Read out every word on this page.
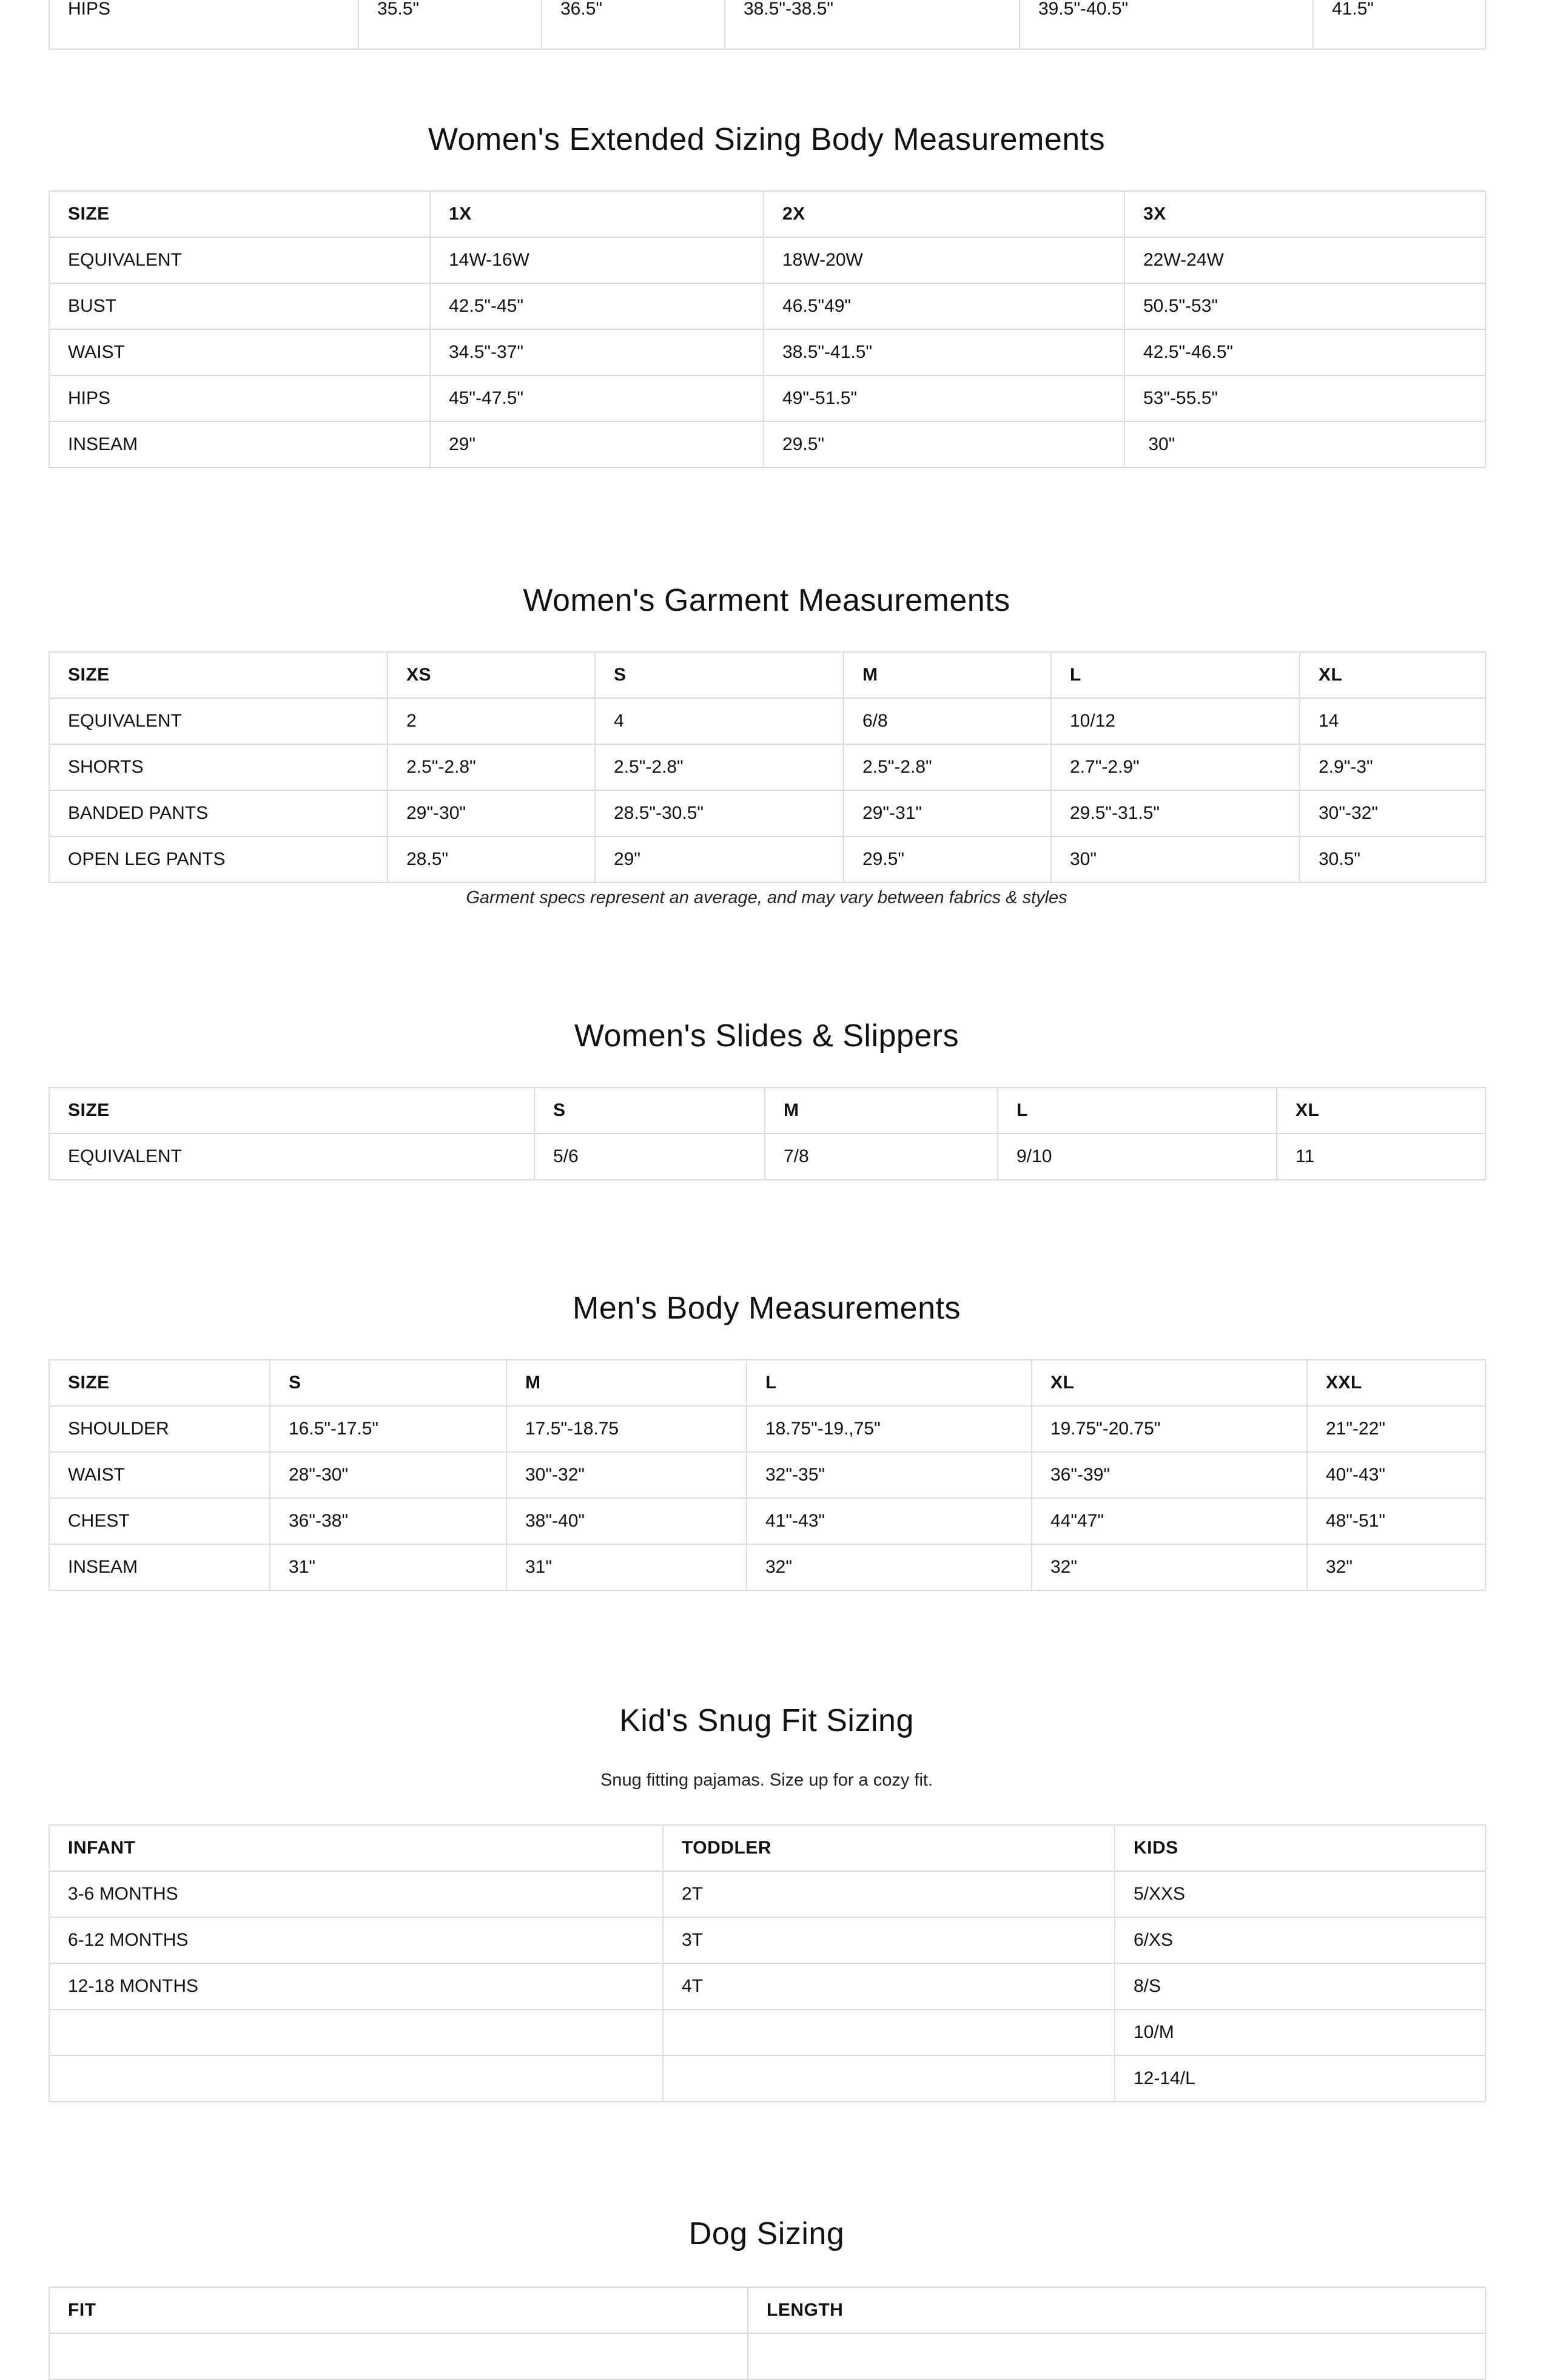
HIPS	35.5"	36.5"	38.5"-38.5"	39.5"-40.5"	41.5"
Women's Extended Sizing Body Measurements
SIZE	1X	2X	3X
EQUIVALENT	14W-16W	18W-20W	22W-24W
BUST	42.5"-45"	46.5"49"	50.5"-53"
WAIST	34.5"-37"	38.5"-41.5"	42.5"-46.5"
HIPS	45"-47.5"	49"-51.5"	53"-55.5"
INSEAM	29"	29.5"	30"
Women's Garment Measurements
SIZE	XS	S	M	L	XL
EQUIVALENT	2	4	6/8	10/12	14
SHORTS	2.5"-2.8"	2.5"-2.8"	2.5"-2.8"	2.7"-2.9"	2.9"-3"
BANDED PANTS	29"-30"	28.5"-30.5"	29"-31"	29.5"-31.5"	30"-32"
OPEN LEG PANTS	28.5"	29"	29.5"	30"	30.5"
Garment specs represent an average, and may vary between fabrics & styles
Women's Slides & Slippers
SIZE	S	M	L	XL
EQUIVALENT	5/6	7/8	9/10	11
Men's Body Measurements
SIZE	S	M	L	XL	XXL
SHOULDER	16.5"-17.5"	17.5"-18.75	18.75"-19.,75"	19.75"-20.75"	21"-22"
WAIST	28"-30"	30"-32"	32"-35"	36"-39"	40"-43"
CHEST	36"-38"	38"-40"	41"-43"	44"47"	48"-51"
INSEAM	31"	31"	32"	32"	32"
Kid's Snug Fit Sizing

Snug fitting pajamas. Size up for a cozy fit.

INFANT	TODDLER	KIDS
3-6 MONTHS	2T	5/XXS
6-12 MONTHS	3T	6/XS
12-18 MONTHS	4T	8/S
		10/M
		12-14/L
Dog Sizing
FIT	LENGTH
